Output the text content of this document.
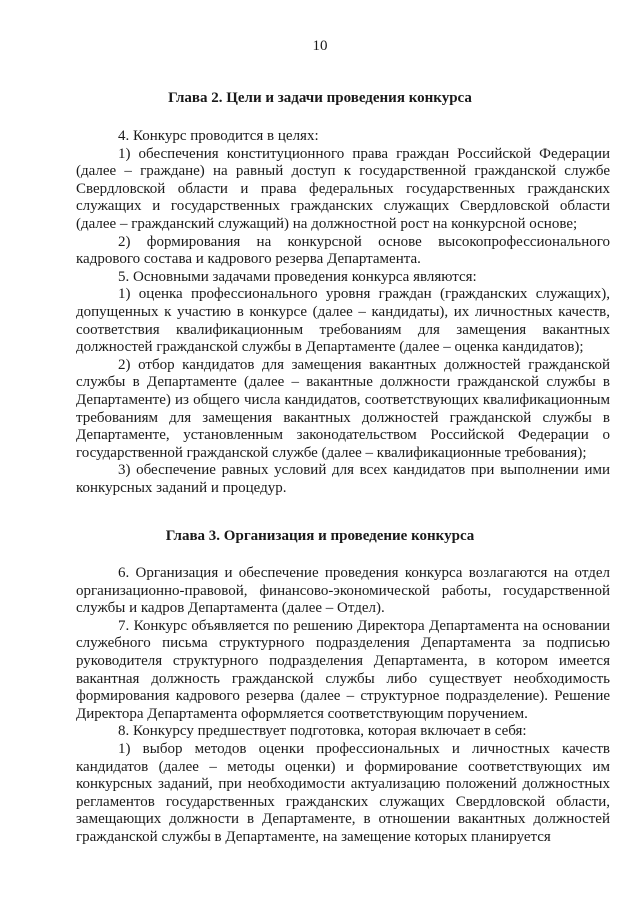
10
Глава 2. Цели и задачи проведения конкурса

4. Конкурс проводится в целях:

1) обеспечения конституционного права граждан Российской Федерации (далее – граждане) на равный доступ к государственной гражданской службе Свердловской области и права федеральных государственных гражданских служащих и государственных гражданских служащих Свердловской области (далее – гражданский служащий) на должностной рост на конкурсной основе;

2) формирования на конкурсной основе высокопрофессионального кадрового состава и кадрового резерва Департамента.

5. Основными задачами проведения конкурса являются:

1) оценка профессионального уровня граждан (гражданских служащих), допущенных к участию в конкурсе (далее – кандидаты), их личностных качеств, соответствия квалификационным требованиям для замещения вакантных должностей гражданской службы в Департаменте (далее – оценка кандидатов);

2) отбор кандидатов для замещения вакантных должностей гражданской службы в Департаменте (далее – вакантные должности гражданской службы в Департаменте) из общего числа кандидатов, соответствующих квалификационным требованиям для замещения вакантных должностей гражданской службы в Департаменте, установленным законодательством Российской Федерации о государственной гражданской службе (далее – квалификационные требования);

3) обеспечение равных условий для всех кандидатов при выполнении ими конкурсных заданий и процедур.

Глава 3. Организация и проведение конкурса

6. Организация и обеспечение проведения конкурса возлагаются на отдел организационно-правовой, финансово-экономической работы, государственной службы и кадров Департамента (далее – Отдел).

7. Конкурс объявляется по решению Директора Департамента на основании служебного письма структурного подразделения Департамента за подписью руководителя структурного подразделения Департамента, в котором имеется вакантная должность гражданской службы либо существует необходимость формирования кадрового резерва (далее – структурное подразделение). Решение Директора Департамента оформляется соответствующим поручением.

8. Конкурсу предшествует подготовка, которая включает в себя:

1) выбор методов оценки профессиональных и личностных качеств кандидатов (далее – методы оценки) и формирование соответствующих им конкурсных заданий, при необходимости актуализацию положений должностных регламентов государственных гражданских служащих Свердловской области, замещающих должности в Департаменте, в отношении вакантных должностей гражданской службы в Департаменте, на замещение которых планируется
